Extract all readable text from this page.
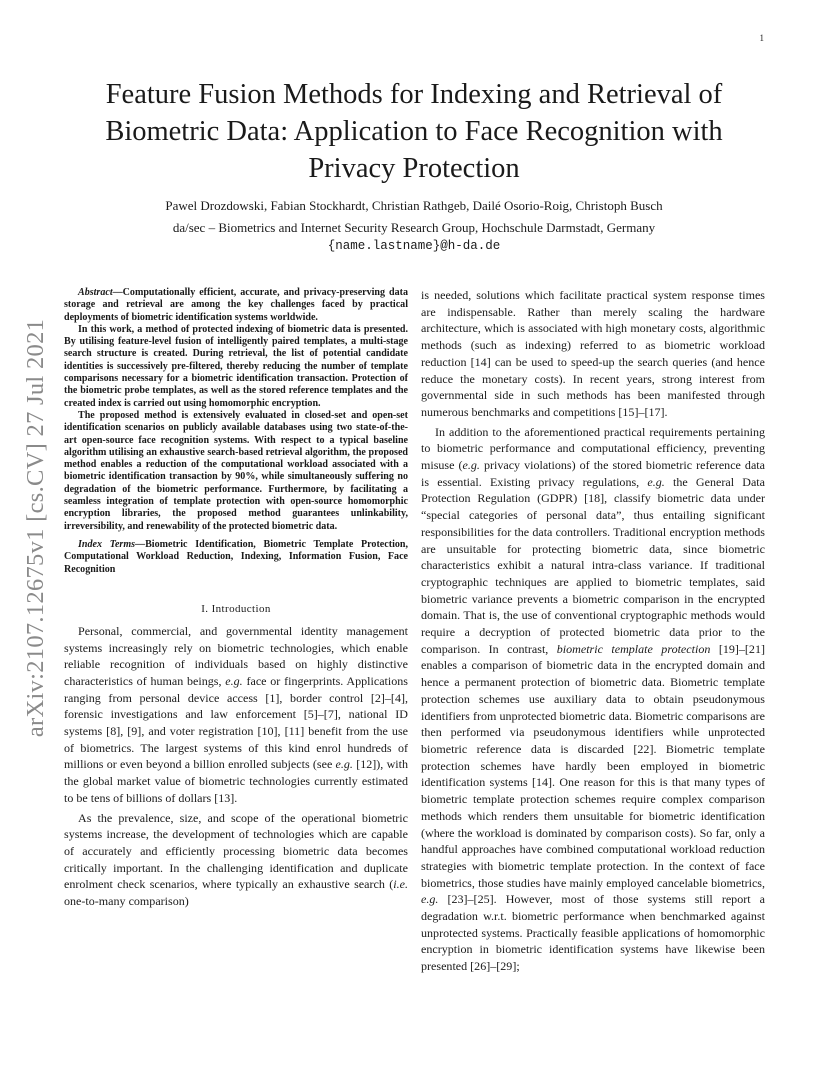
1
arXiv:2107.12675v1 [cs.CV] 27 Jul 2021
Feature Fusion Methods for Indexing and Retrieval of Biometric Data: Application to Face Recognition with Privacy Protection
Pawel Drozdowski, Fabian Stockhardt, Christian Rathgeb, Dailé Osorio-Roig, Christoph Busch
da/sec – Biometrics and Internet Security Research Group, Hochschule Darmstadt, Germany
{name.lastname}@h-da.de

Abstract—Computationally efficient, accurate, and privacy-preserving data storage and retrieval are among the key challenges faced by practical deployments of biometric identification systems worldwide.

In this work, a method of protected indexing of biometric data is presented. By utilising feature-level fusion of intelligently paired templates, a multi-stage search structure is created. During retrieval, the list of potential candidate identities is successively pre-filtered, thereby reducing the number of template comparisons necessary for a biometric identification transaction. Protection of the biometric probe templates, as well as the stored reference templates and the created index is carried out using homomorphic encryption.

The proposed method is extensively evaluated in closed-set and open-set identification scenarios on publicly available databases using two state-of-the-art open-source face recognition systems. With respect to a typical baseline algorithm utilising an exhaustive search-based retrieval algorithm, the proposed method enables a reduction of the computational workload associated with a biometric identification transaction by 90%, while simultaneously suffering no degradation of the biometric performance. Furthermore, by facilitating a seamless integration of template protection with open-source homomorphic encryption libraries, the proposed method guarantees unlinkability, irreversibility, and renewability of the protected biometric data.

Index Terms—Biometric Identification, Biometric Template Protection, Computational Workload Reduction, Indexing, Information Fusion, Face Recognition

I. Introduction

Personal, commercial, and governmental identity management systems increasingly rely on biometric technologies, which enable reliable recognition of individuals based on highly distinctive characteristics of human beings, e.g. face or fingerprints. Applications ranging from personal device access [1], border control [2]–[4], forensic investigations and law enforcement [5]–[7], national ID systems [8], [9], and voter registration [10], [11] benefit from the use of biometrics. The largest systems of this kind enrol hundreds of millions or even beyond a billion enrolled subjects (see e.g. [12]), with the global market value of biometric technologies currently estimated to be tens of billions of dollars [13].

As the prevalence, size, and scope of the operational biometric systems increase, the development of technologies which are capable of accurately and efficiently processing biometric data becomes critically important. In the challenging identification and duplicate enrolment check scenarios, where typically an exhaustive search (i.e. one-to-many comparison)

is needed, solutions which facilitate practical system response times are indispensable. Rather than merely scaling the hardware architecture, which is associated with high monetary costs, algorithmic methods (such as indexing) referred to as biometric workload reduction [14] can be used to speed-up the search queries (and hence reduce the monetary costs). In recent years, strong interest from governmental side in such methods has been manifested through numerous benchmarks and competitions [15]–[17].

In addition to the aforementioned practical requirements pertaining to biometric performance and computational efficiency, preventing misuse (e.g. privacy violations) of the stored biometric reference data is essential. Existing privacy regulations, e.g. the General Data Protection Regulation (GDPR) [18], classify biometric data under “special categories of personal data”, thus entailing significant responsibilities for the data controllers. Traditional encryption methods are unsuitable for protecting biometric data, since biometric characteristics exhibit a natural intra-class variance. If traditional cryptographic techniques are applied to biometric templates, said biometric variance prevents a biometric comparison in the encrypted domain. That is, the use of conventional cryptographic methods would require a decryption of protected biometric data prior to the comparison. In contrast, biometric template protection [19]–[21] enables a comparison of biometric data in the encrypted domain and hence a permanent protection of biometric data. Biometric template protection schemes use auxiliary data to obtain pseudonymous identifiers from unprotected biometric data. Biometric comparisons are then performed via pseudonymous identifiers while unprotected biometric reference data is discarded [22]. Biometric template protection schemes have hardly been employed in biometric identification systems [14]. One reason for this is that many types of biometric template protection schemes require complex comparison methods which renders them unsuitable for biometric identification (where the workload is dominated by comparison costs). So far, only a handful approaches have combined computational workload reduction strategies with biometric template protection. In the context of face biometrics, those studies have mainly employed cancelable biometrics, e.g. [23]–[25]. However, most of those systems still report a degradation w.r.t. biometric performance when benchmarked against unprotected systems. Practically feasible applications of homomorphic encryption in biometric identification systems have likewise been presented [26]–[29];
